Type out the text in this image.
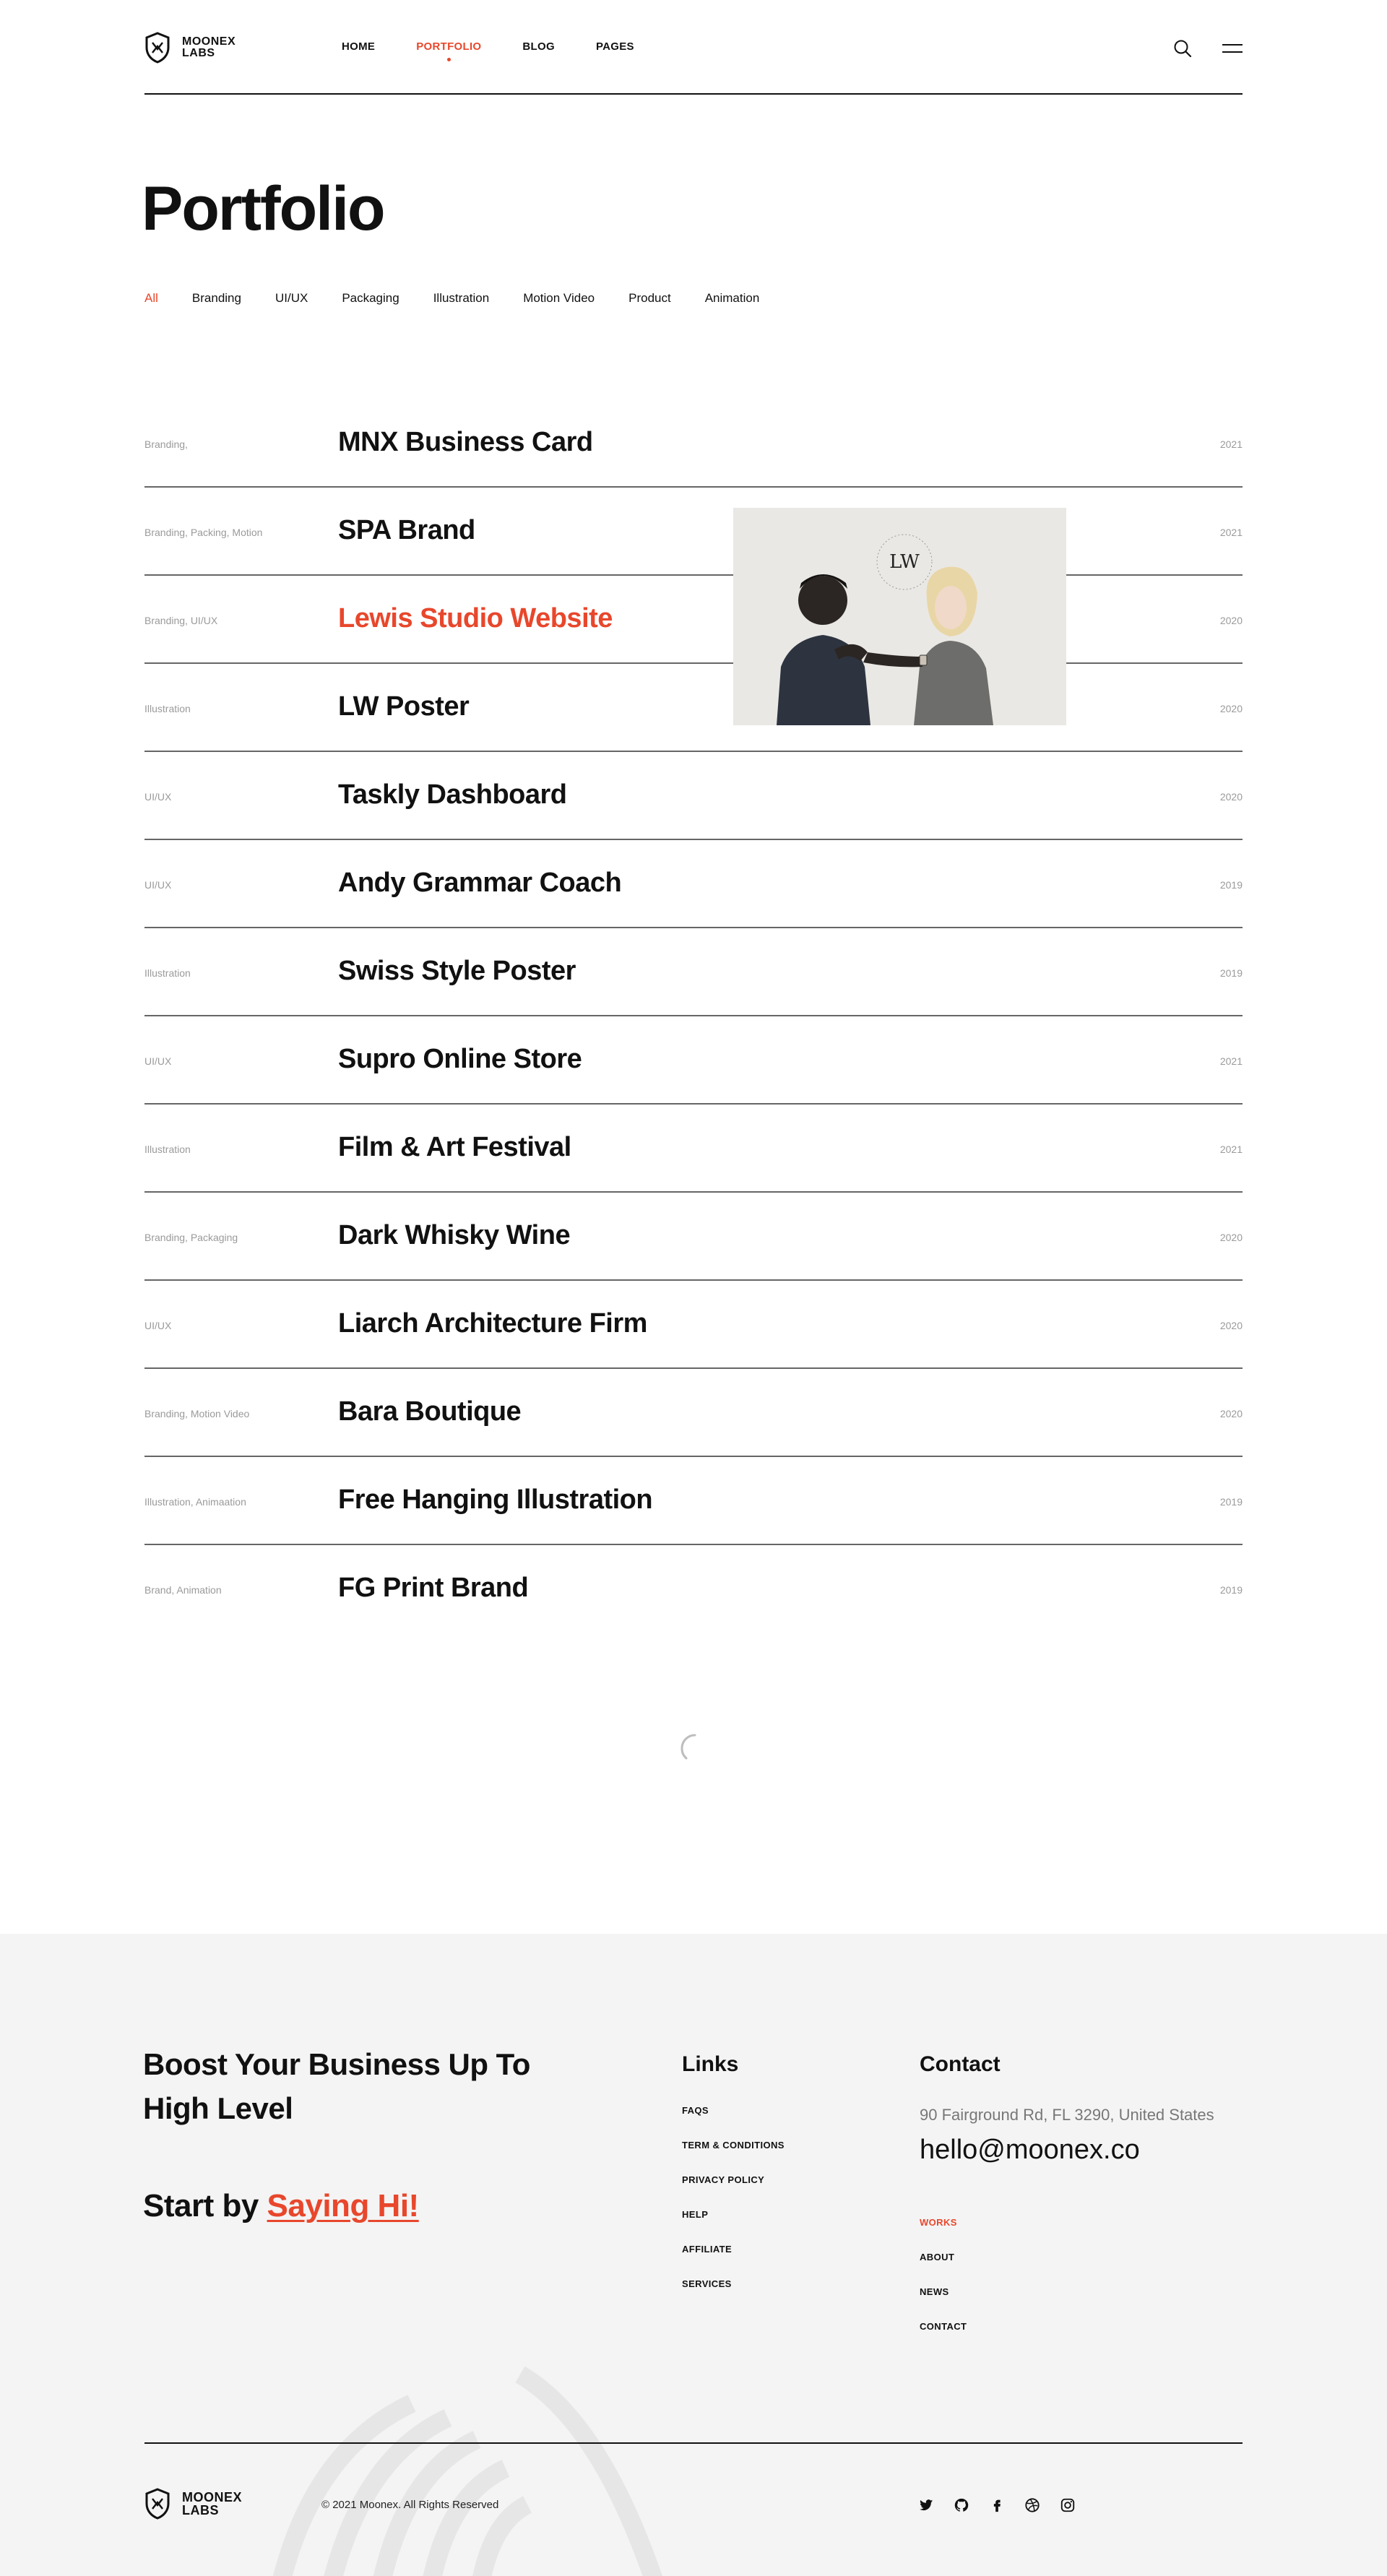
MOONEX
LABS
HOME	PORTFOLIO	BLOG	PAGES
Portfolio
All	Branding	UI/UX	Packaging	Illustration	Motion Video	Product	Animation
Branding,	MNX Business Card	2021
Branding, Packing, Motion	SPA Brand	2021
Branding, UI/UX	Lewis Studio Website	2020
Illustration	LW Poster	2020
UI/UX	Taskly Dashboard	2020
UI/UX	Andy Grammar Coach	2019
Illustration	Swiss Style Poster	2019
UI/UX	Supro Online Store	2021
Illustration	Film & Art Festival	2021
Branding, Packaging	Dark Whisky Wine	2020
UI/UX	Liarch Architecture Firm	2020
Branding, Motion Video	Bara Boutique	2020
Illustration, Animaation	Free Hanging Illustration	2019
Brand, Animation	FG Print Brand	2019
LW
Boost Your Business Up To High Level
Start by Saying Hi!
Links
FAQS
TERM & CONDITIONS
PRIVACY POLICY
HELP
AFFILIATE
SERVICES
Contact
90 Fairground Rd, FL 3290, United States
hello@moonex.co
WORKS
ABOUT
NEWS
CONTACT
MOONEX
LABS	© 2021 Moonex. All Rights Reserved
